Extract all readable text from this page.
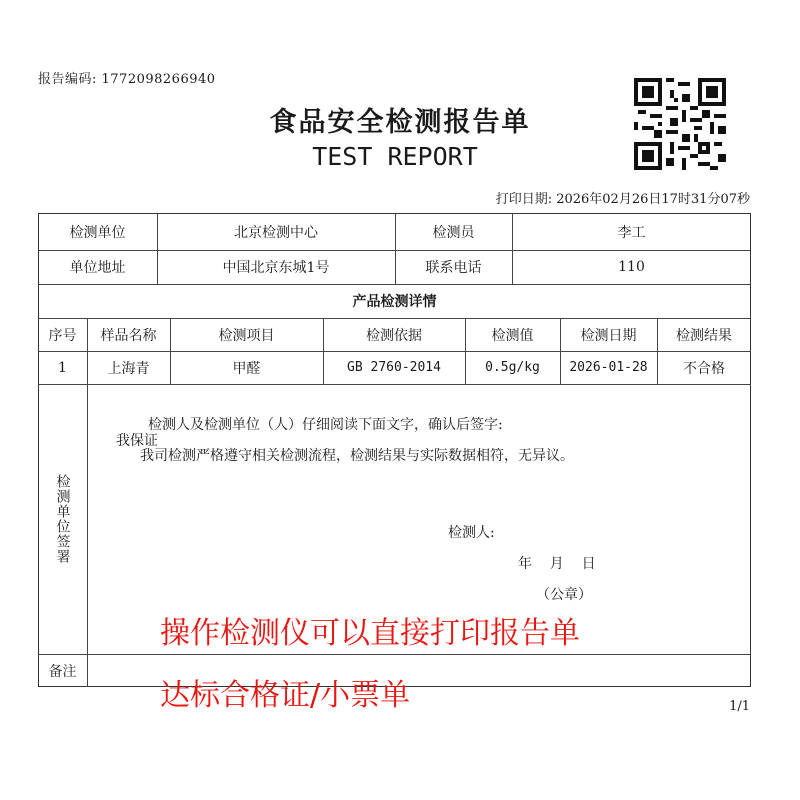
报告编码: 1772098266940
食品安全检测报告单
TEST REPORT
打印日期: 2026年02月26日17时31分07秒
检测单位	北京检测中心	检测员	李工
单位地址	中国北京东城1号	联系电话	110
产品检测详情
序号	样品名称	检测项目	检测依据	检测值	检测日期	检测结果
1	上海青	甲醛	GB 2760-2014	0.5g/kg	2026-01-28	不合格
检测单位签署
检测人及检测单位（人）仔细阅读下面文字，确认后签字:
我保证
我司检测严格遵守相关检测流程，检测结果与实际数据相符，无异议。
检测人:
年    月    日
（公章）
备注
操作检测仪可以直接打印报告单
达标合格证/小票单	1/1
